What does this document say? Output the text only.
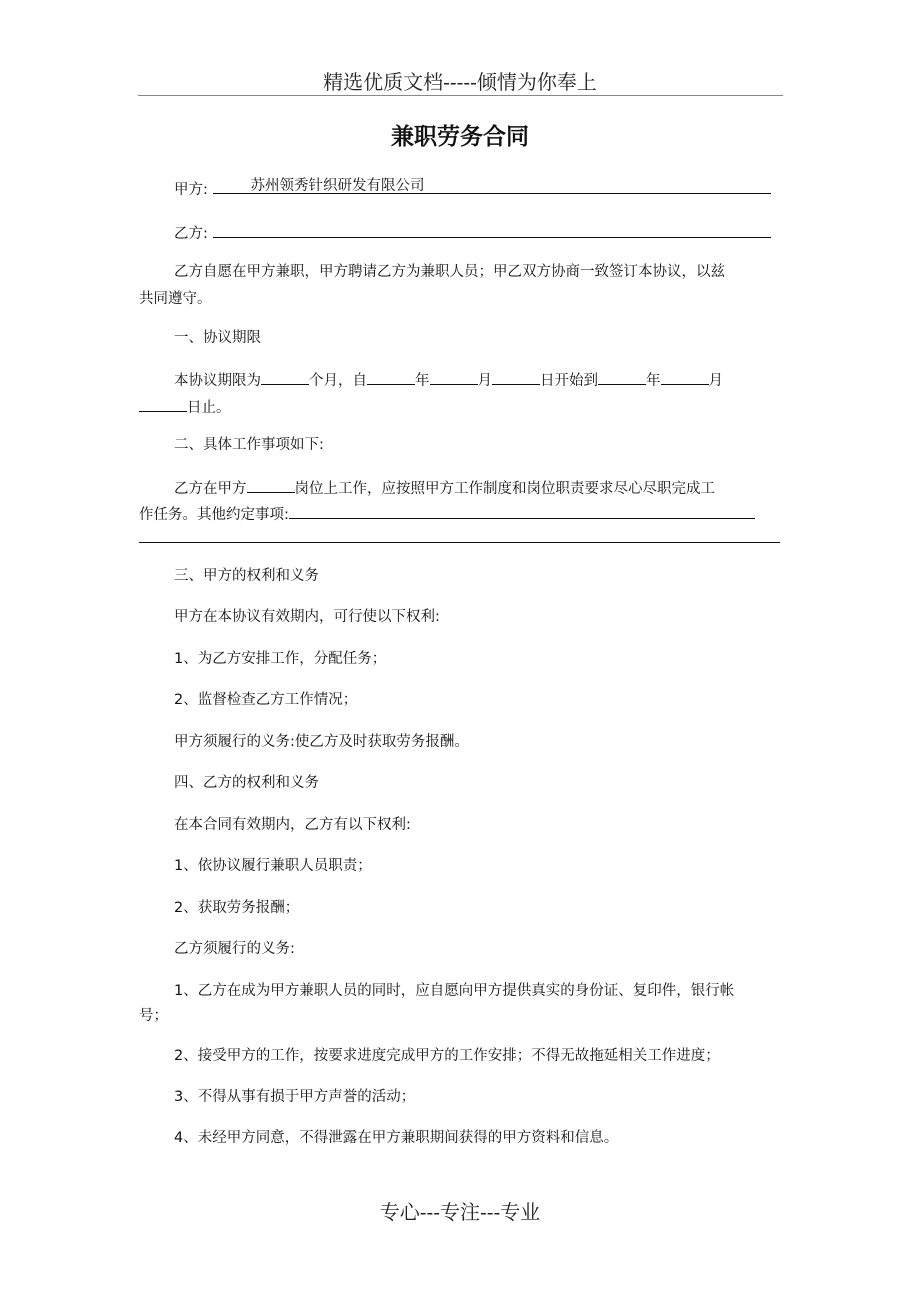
精选优质文档-----倾情为你奉上
兼职劳务合同
甲方:	苏州领秀针织研发有限公司
乙方:
乙方自愿在甲方兼职，甲方聘请乙方为兼职人员；甲乙双方协商一致签订本协议，以兹
共同遵守。
一、协议期限
本协议期限为	个月，自	年	月	日开始到	年	月
日止。
二、具体工作事项如下:
乙方在甲方	岗位上工作，应按照甲方工作制度和岗位职责要求尽心尽职完成工
作任务。其他约定事项:
三、甲方的权利和义务
甲方在本协议有效期内，可行使以下权利:
1、为乙方安排工作，分配任务；
2、监督检查乙方工作情况；
甲方须履行的义务:使乙方及时获取劳务报酬。
四、乙方的权利和义务
在本合同有效期内，乙方有以下权利:
1、依协议履行兼职人员职责；
2、获取劳务报酬；
乙方须履行的义务:
1、乙方在成为甲方兼职人员的同时，应自愿向甲方提供真实的身份证、复印件，银行帐
号；
2、接受甲方的工作，按要求进度完成甲方的工作安排；不得无故拖延相关工作进度；
3、不得从事有损于甲方声誉的活动；
4、未经甲方同意，不得泄露在甲方兼职期间获得的甲方资料和信息。
专心---专注---专业
